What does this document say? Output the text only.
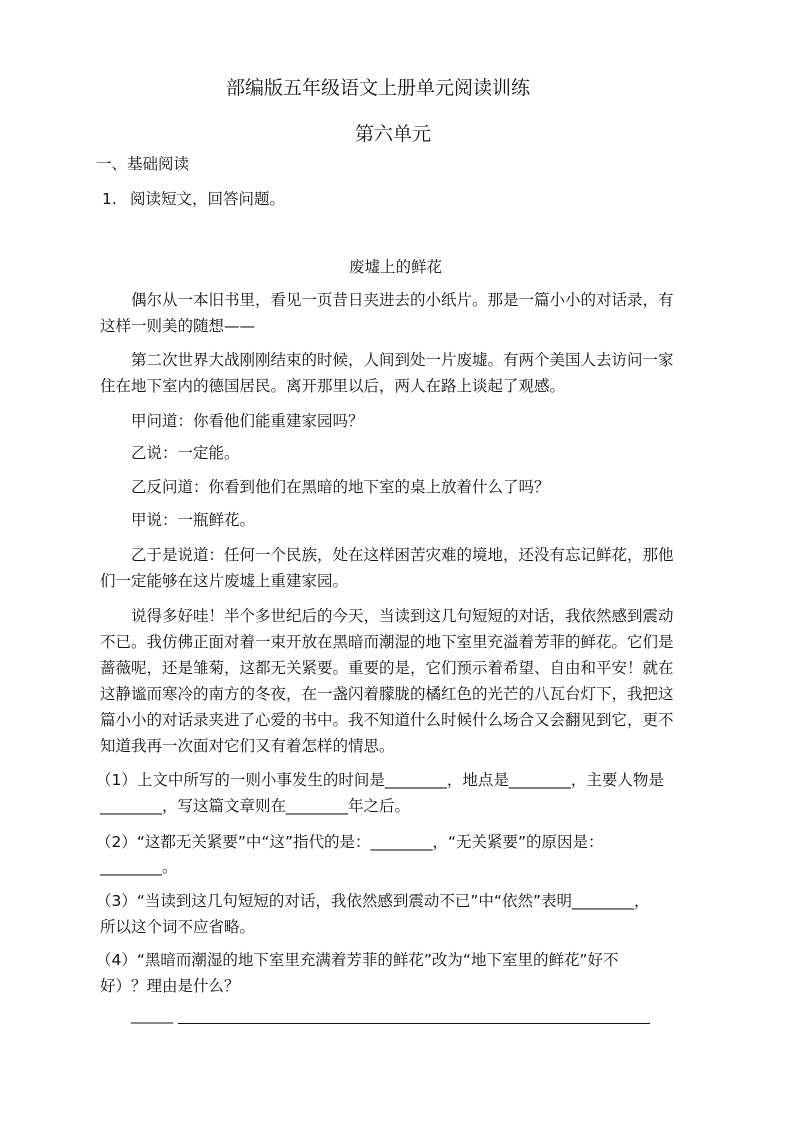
部编版五年级语文上册单元阅读训练
第六单元
一、基础阅读
1. 阅读短文，回答问题。
废墟上的鲜花
偶尔从一本旧书里，看见一页昔日夹进去的小纸片。那是一篇小小的对话录，有
这样一则美的随想——
第二次世界大战刚刚结束的时候，人间到处一片废墟。有两个美国人去访问一家
住在地下室内的德国居民。离开那里以后，两人在路上谈起了观感。
甲问道：你看他们能重建家园吗？
乙说：一定能。
乙反问道：你看到他们在黑暗的地下室的桌上放着什么了吗？
甲说：一瓶鲜花。
乙于是说道：任何一个民族，处在这样困苦灾难的境地，还没有忘记鲜花，那他
们一定能够在这片废墟上重建家园。
说得多好哇！半个多世纪后的今天，当读到这几句短短的对话，我依然感到震动
不已。我仿佛正面对着一束开放在黑暗而潮湿的地下室里充溢着芳菲的鲜花。它们是
蔷薇呢，还是雏菊，这都无关紧要。重要的是，它们预示着希望、自由和平安！就在
这静谧而寒冷的南方的冬夜，在一盏闪着朦胧的橘红色的光芒的八瓦台灯下，我把这
篇小小的对话录夹进了心爱的书中。我不知道什么时候什么场合又会翻见到它，更不
知道我再一次面对它们又有着怎样的情思。
（1）上文中所写的一则小事发生的时间是________，地点是________，主要人物是
________，写这篇文章则在________年之后。
（2）“这都无关紧要”中“这”指代的是：________，“无关紧要”的原因是：
________。
（3）“当读到这几句短短的对话，我依然感到震动不已”中“依然”表明________，
所以这个词不应省略。
（4）“黑暗而潮湿的地下室里充满着芳菲的鲜花”改为“地下室里的鲜花”好不
好）？理由是什么？
______
